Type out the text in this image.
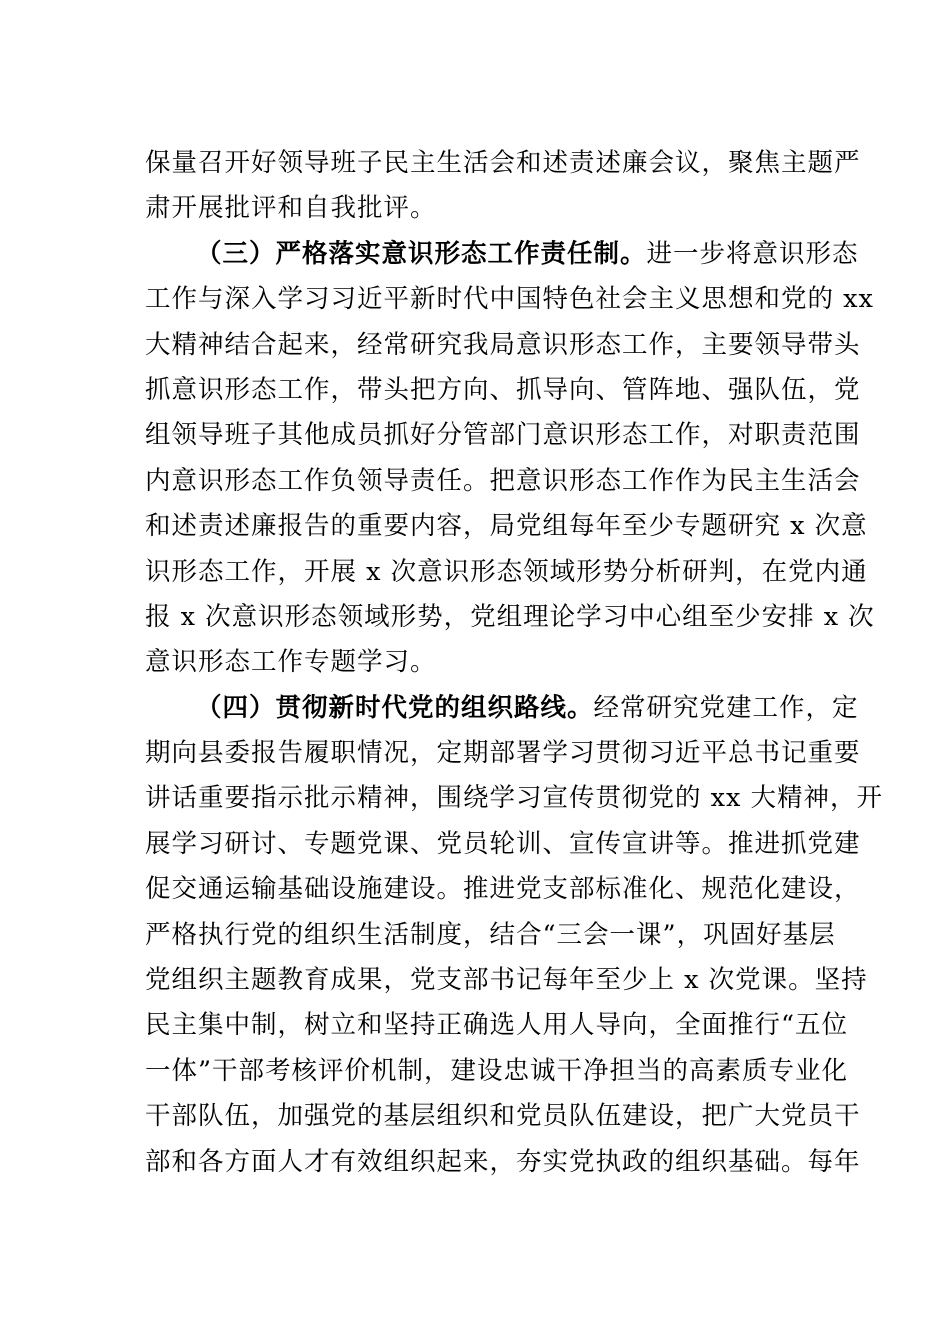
保量召开好领导班子民主生活会和述责述廉会议，聚焦主题严
肃开展批评和自我批评。
（三）严格落实意识形态工作责任制。进一步将意识形态
工作与深入学习习近平新时代中国特色社会主义思想和党的 xx
大精神结合起来，经常研究我局意识形态工作，主要领导带头
抓意识形态工作，带头把方向、抓导向、管阵地、强队伍，党
组领导班子其他成员抓好分管部门意识形态工作，对职责范围
内意识形态工作负领导责任。把意识形态工作作为民主生活会
和述责述廉报告的重要内容，局党组每年至少专题研究 x 次意
识形态工作，开展 x 次意识形态领域形势分析研判，在党内通
报 x 次意识形态领域形势，党组理论学习中心组至少安排 x 次
意识形态工作专题学习。
（四）贯彻新时代党的组织路线。经常研究党建工作，定
期向县委报告履职情况，定期部署学习贯彻习近平总书记重要
讲话重要指示批示精神，围绕学习宣传贯彻党的 xx 大精神，开
展学习研讨、专题党课、党员轮训、宣传宣讲等。推进抓党建
促交通运输基础设施建设。推进党支部标准化、规范化建设，
严格执行党的组织生活制度，结合“三会一课”，巩固好基层
党组织主题教育成果，党支部书记每年至少上 x 次党课。坚持
民主集中制，树立和坚持正确选人用人导向，全面推行“五位
一体”干部考核评价机制，建设忠诚干净担当的高素质专业化
干部队伍，加强党的基层组织和党员队伍建设，把广大党员干
部和各方面人才有效组织起来，夯实党执政的组织基础。每年
